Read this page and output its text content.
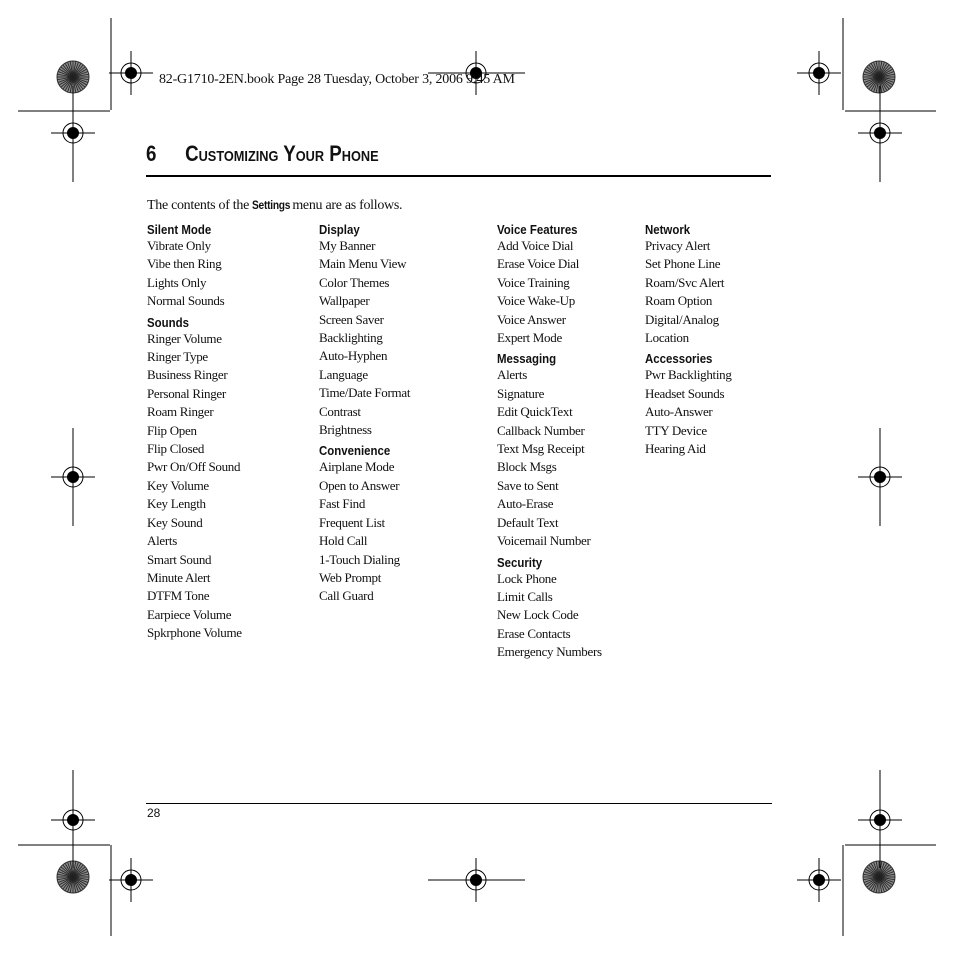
82-G1710-2EN.book Page 28 Tuesday, October 3, 2006 9:45 AM
6 Customizing Your Phone
The contents of the Settings menu are as follows.
Silent Mode
Vibrate Only
Vibe then Ring
Lights Only
Normal Sounds
Sounds
Ringer Volume
Ringer Type
Business Ringer
Personal Ringer
Roam Ringer
Flip Open
Flip Closed
Pwr On/Off Sound
Key Volume
Key Length
Key Sound
Alerts
Smart Sound
Minute Alert
DTFM Tone
Earpiece Volume
Spkrphone Volume
Display
My Banner
Main Menu View
Color Themes
Wallpaper
Screen Saver
Backlighting
Auto-Hyphen
Language
Time/Date Format
Contrast
Brightness
Convenience
Airplane Mode
Open to Answer
Fast Find
Frequent List
Hold Call
1-Touch Dialing
Web Prompt
Call Guard
Voice Features
Add Voice Dial
Erase Voice Dial
Voice Training
Voice Wake-Up
Voice Answer
Expert Mode
Messaging
Alerts
Signature
Edit QuickText
Callback Number
Text Msg Receipt
Block Msgs
Save to Sent
Auto-Erase
Default Text
Voicemail Number
Security
Lock Phone
Limit Calls
New Lock Code
Erase Contacts
Emergency Numbers
Network
Privacy Alert
Set Phone Line
Roam/Svc Alert
Roam Option
Digital/Analog
Location
Accessories
Pwr Backlighting
Headset Sounds
Auto-Answer
TTY Device
Hearing Aid
28
